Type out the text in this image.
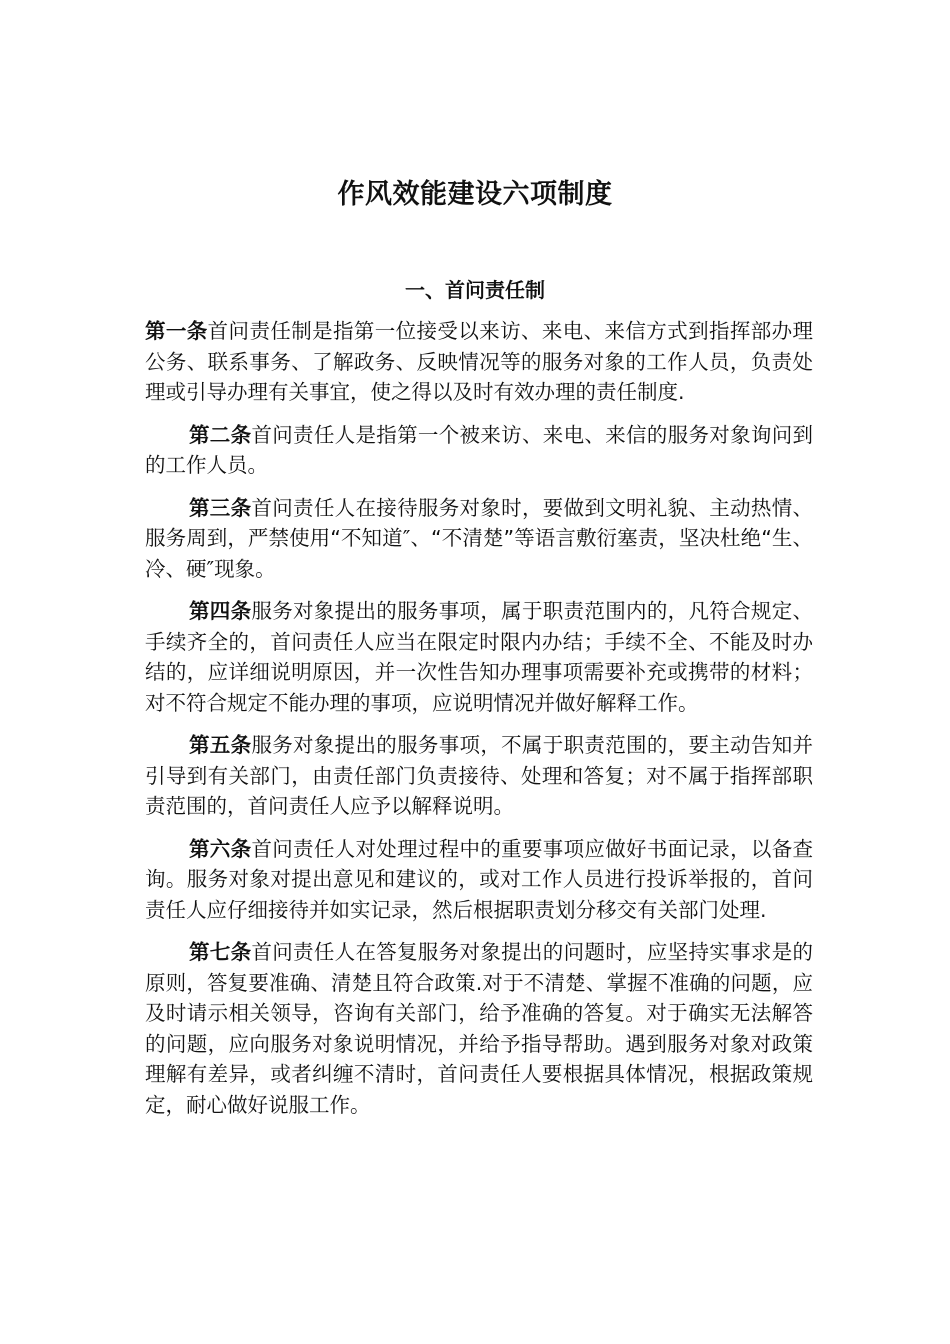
作风效能建设六项制度
一、首问责任制

第一条首问责任制是指第一位接受以来访、来电、来信方式到指挥部办理公务、联系事务、了解政务、反映情况等的服务对象的工作人员，负责处理或引导办理有关事宜，使之得以及时有效办理的责任制度.

第二条首问责任人是指第一个被来访、来电、来信的服务对象询问到的工作人员。

第三条首问责任人在接待服务对象时，要做到文明礼貌、主动热情、服务周到，严禁使用“不知道″、“不清楚”等语言敷衍塞责，坚决杜绝“生、冷、硬″现象。

第四条服务对象提出的服务事项，属于职责范围内的，凡符合规定、手续齐全的，首问责任人应当在限定时限内办结；手续不全、不能及时办结的，应详细说明原因，并一次性告知办理事项需要补充或携带的材料；对不符合规定不能办理的事项，应说明情况并做好解释工作。

第五条服务对象提出的服务事项，不属于职责范围的，要主动告知并引导到有关部门，由责任部门负责接待、处理和答复；对不属于指挥部职责范围的，首问责任人应予以解释说明。

第六条首问责任人对处理过程中的重要事项应做好书面记录，以备查询。服务对象对提出意见和建议的，或对工作人员进行投诉举报的，首问责任人应仔细接待并如实记录，然后根据职责划分移交有关部门处理.

第七条首问责任人在答复服务对象提出的问题时，应坚持实事求是的原则，答复要准确、清楚且符合政策.对于不清楚、掌握不准确的问题，应及时请示相关领导，咨询有关部门，给予准确的答复。对于确实无法解答的问题，应向服务对象说明情况，并给予指导帮助。遇到服务对象对政策理解有差异，或者纠缠不清时，首问责任人要根据具体情况，根据政策规定，耐心做好说服工作。
